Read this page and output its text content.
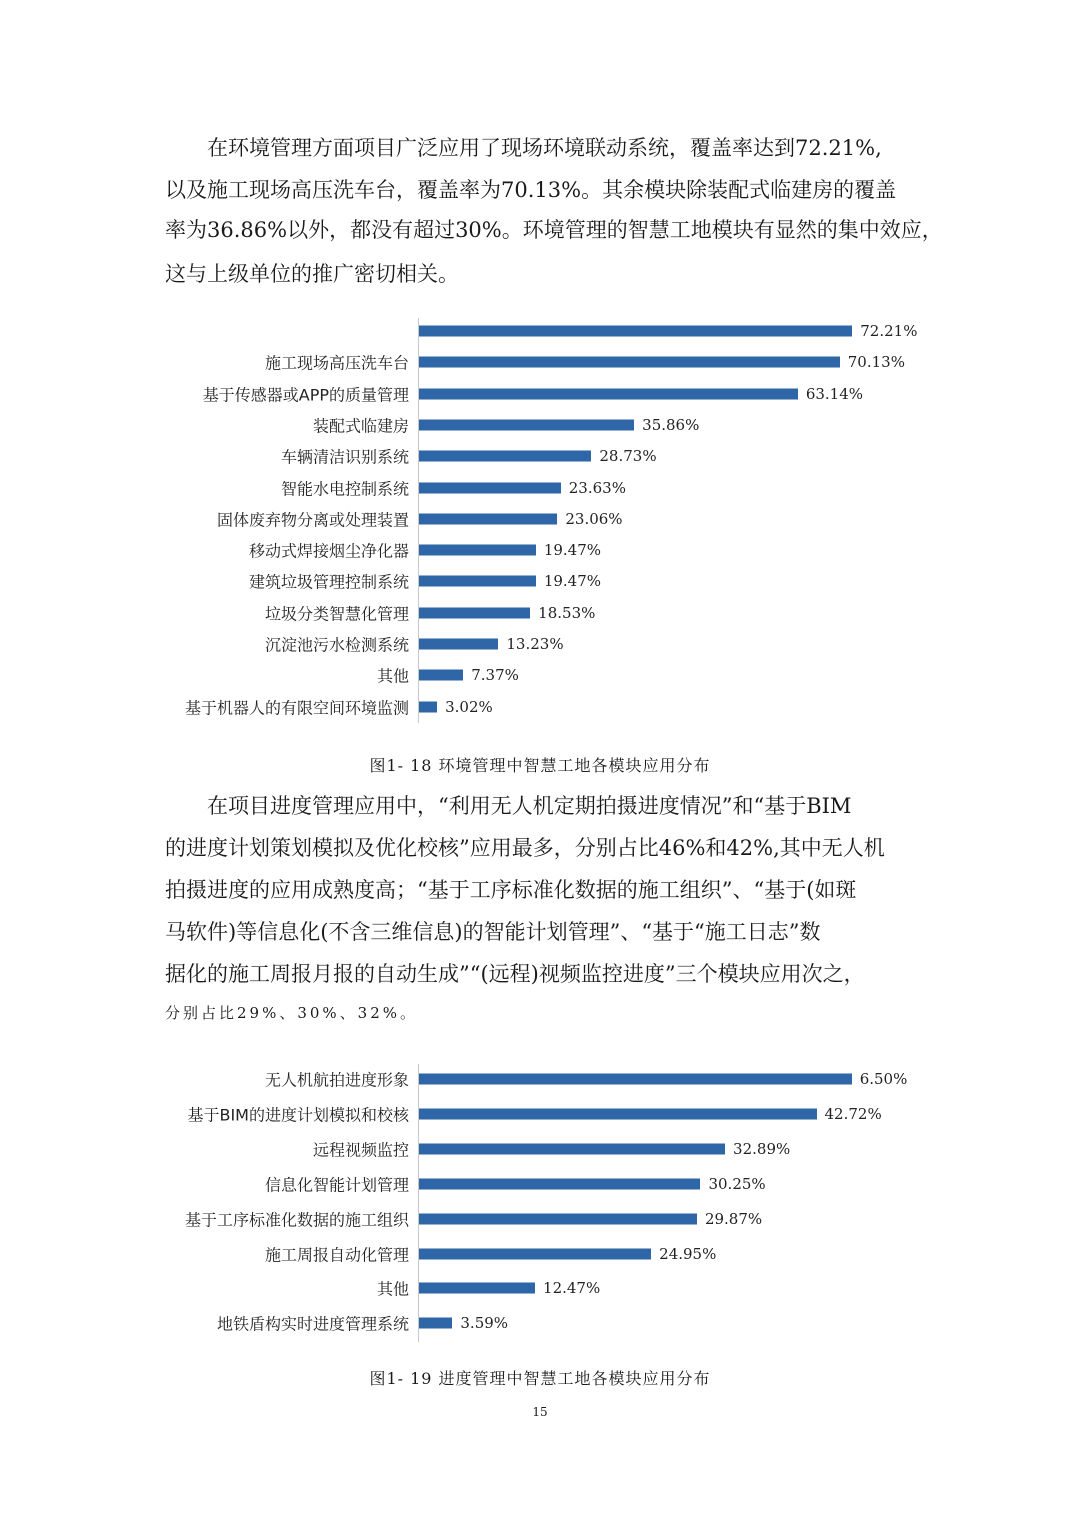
在环境管理方面项目广泛应用了现场环境联动系统，覆盖率达到72.21%,
以及施工现场高压洗车台，覆盖率为70.13%。其余模块除装配式临建房的覆盖
率为36.86%以外，都没有超过30%。环境管理的智慧工地模块有显然的集中效应，
这与上级单位的推广密切相关。
72.21%
施工现场高压洗车台	70.13%
基于传感器或APP的质量管理	63.14%
装配式临建房	35.86%
车辆清洁识别系统	28.73%
智能水电控制系统	23.63%
固体废弃物分离或处理装置	23.06%
移动式焊接烟尘净化器	19.47%
建筑垃圾管理控制系统	19.47%
垃圾分类智慧化管理	18.53%
沉淀池污水检测系统	13.23%
其他	7.37%
基于机器人的有限空间环境监测 3.02%

图1- 18 环境管理中智慧工地各模块应用分布

在项目进度管理应用中，“利用无人机定期拍摄进度情况”和“基于BIM
的进度计划策划模拟及优化校核”应用最多，分别占比46%和42%,其中无人机
拍摄进度的应用成熟度高；“基于工序标准化数据的施工组织”、“基于(如斑
马软件)等信息化(不含三维信息)的智能计划管理”、“基于“施工日志”数
据化的施工周报月报的自动生成”“(远程)视频监控进度”三个模块应用次之，
分别占比29%、30%、32%。
无人机航拍进度形象	6.50%
基于BIM的进度计划模拟和校核	42.72%
远程视频监控	32.89%
信息化智能计划管理	30.25%
基于工序标准化数据的施工组织	29.87%
施工周报自动化管理	24.95%
其他	12.47%
地铁盾构实时进度管理系统	3.59%

图1- 19 进度管理中智慧工地各模块应用分布

15
